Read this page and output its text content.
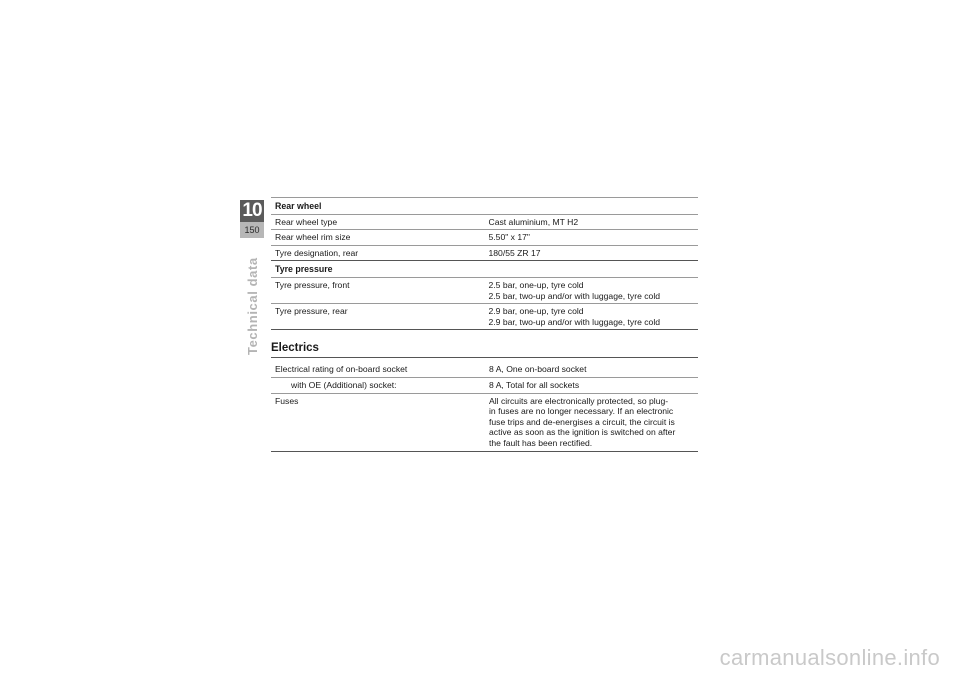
10
150
Technical data
Rear wheel	
Rear wheel type	Cast aluminium, MT H2
Rear wheel rim size	5.50" x 17"
Tyre designation, rear	180/55 ZR 17
Tyre pressure	
Tyre pressure, front	2.5 bar, one-up, tyre cold
2.5 bar, two-up and/or with luggage, tyre cold

Tyre pressure, rear	2.9 bar, one-up, tyre cold
2.9 bar, two-up and/or with luggage, tyre cold
Electrics
Electrical rating of on-board socket	8 A, One on-board socket
with OE (Additional) socket:	8 A, Total for all sockets
Fuses	All circuits are electronically protected, so plug-
in fuses are no longer necessary. If an electronic
fuse trips and de-energises a circuit, the circuit is
active as soon as the ignition is switched on after
the fault has been rectified.
carmanualsonline.info
